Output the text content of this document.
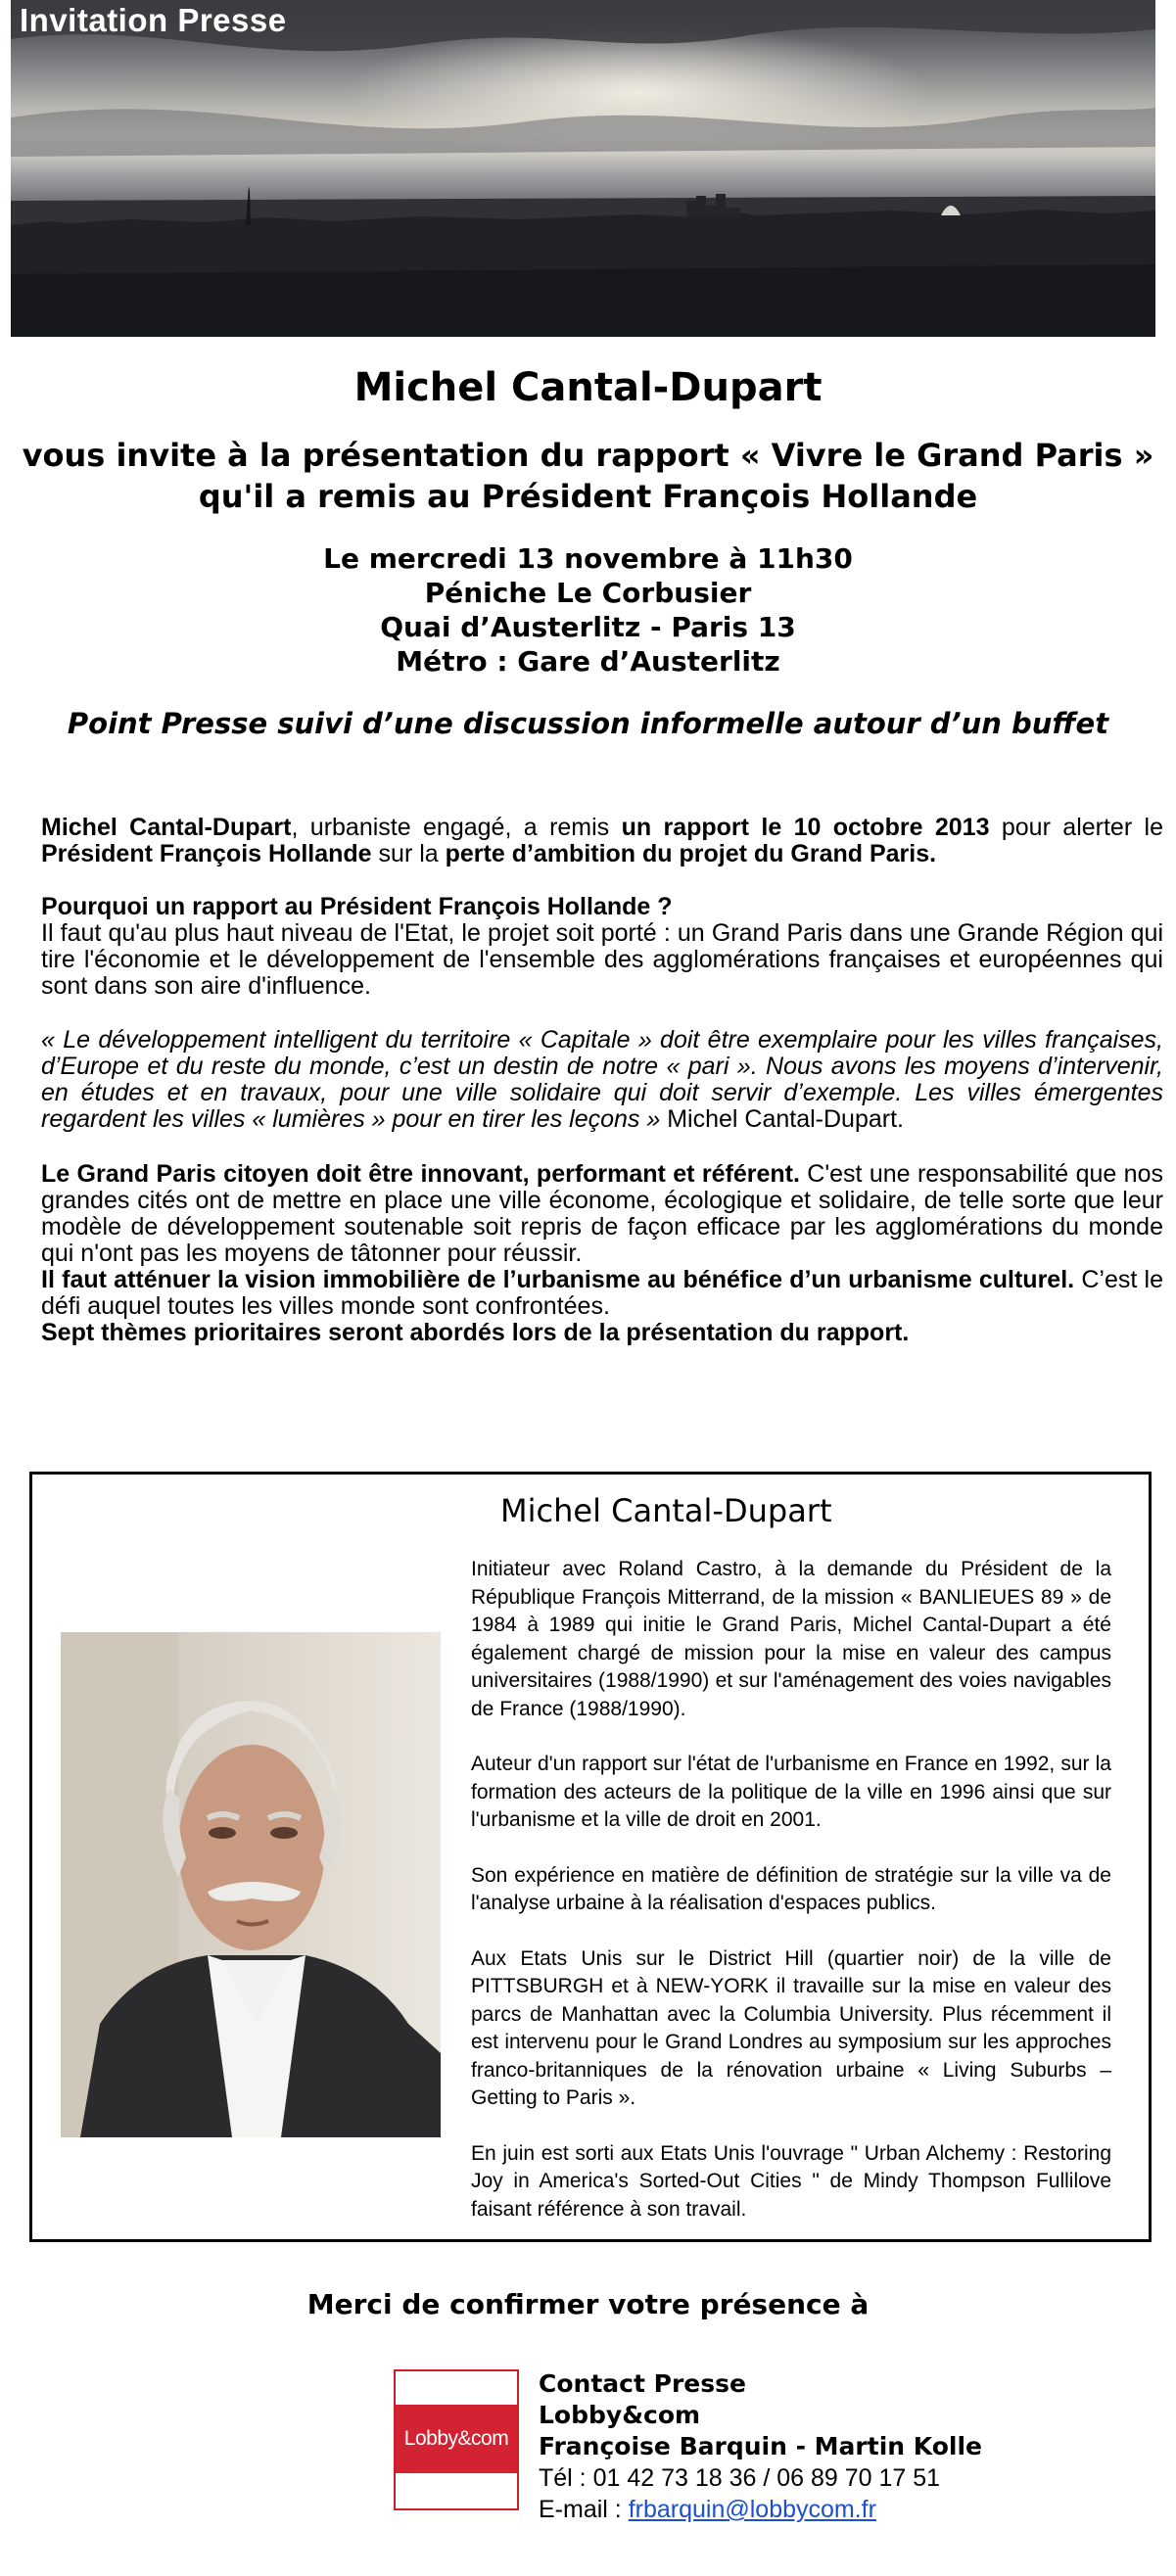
Invitation Presse
Michel Cantal-Dupart
vous invite à la présentation du rapport « Vivre le Grand Paris »
qu'il a remis au Président François Hollande
Le mercredi 13 novembre à 11h30
Péniche Le Corbusier
Quai d’Austerlitz - Paris 13
Métro : Gare d’Austerlitz
Point Presse suivi d’une discussion informelle autour d’un buffet

Michel Cantal-Dupart, urbaniste engagé, a remis un rapport le 10 octobre 2013 pour alerter le Président François Hollande sur la perte d’ambition du projet du Grand Paris.

Pourquoi un rapport au Président François Hollande ?

Il faut qu'au plus haut niveau de l'Etat, le projet soit porté : un Grand Paris dans une Grande Région qui tire l'économie et le développement de l'ensemble des agglomérations françaises et européennes qui sont dans son aire d'influence.

« Le développement intelligent du territoire « Capitale » doit être exemplaire pour les villes françaises, d’Europe et du reste du monde, c’est un destin de notre « pari ». Nous avons les moyens d’intervenir, en études et en travaux, pour une ville solidaire qui doit servir d’exemple. Les villes émergentes regardent les villes « lumières » pour en tirer les leçons » Michel Cantal-Dupart.

Le Grand Paris citoyen doit être innovant, performant et référent. C'est une responsabilité que nos grandes cités ont de mettre en place une ville économe, écologique et solidaire, de telle sorte que leur modèle de développement soutenable soit repris de façon efficace par les agglomérations du monde qui n'ont pas les moyens de tâtonner pour réussir.

Il faut atténuer la vision immobilière de l’urbanisme au bénéfice d’un urbanisme culturel. C’est le défi auquel toutes les villes monde sont confrontées.

Sept thèmes prioritaires seront abordés lors de la présentation du rapport.

Michel Cantal-Dupart

Initiateur avec Roland Castro, à la demande du Président de la République François Mitterrand, de la mission « BANLIEUES 89 » de 1984 à 1989 qui initie le Grand Paris, Michel Cantal-Dupart a été également chargé de mission pour la mise en valeur des campus universitaires (1988/1990) et sur l'aménagement des voies navigables de France (1988/1990).

Auteur d'un rapport sur l'état de l'urbanisme en France en 1992, sur la formation des acteurs de la politique de la ville en 1996 ainsi que sur l'urbanisme et la ville de droit en 2001.

Son expérience en matière de définition de stratégie sur la ville va de l'analyse urbaine à la réalisation d'espaces publics.

Aux Etats Unis sur le District Hill (quartier noir) de la ville de PITTSBURGH et à NEW-YORK il travaille sur la mise en valeur des parcs de Manhattan avec la Columbia University. Plus récemment il est intervenu pour le Grand Londres au symposium sur les approches franco-britanniques de la rénovation urbaine « Living Suburbs – Getting to Paris ».

En juin est sorti aux Etats Unis l'ouvrage " Urban Alchemy : Restoring Joy in America's Sorted-Out Cities " de Mindy Thompson Fullilove faisant référence à son travail.

Merci de confirmer votre présence à
Lobby&com
Contact Presse
Lobby&com
Françoise Barquin - Martin Kolle
Tél : 01 42 73 18 36 / 06 89 70 17 51
E-mail : frbarquin@lobbycom.fr
